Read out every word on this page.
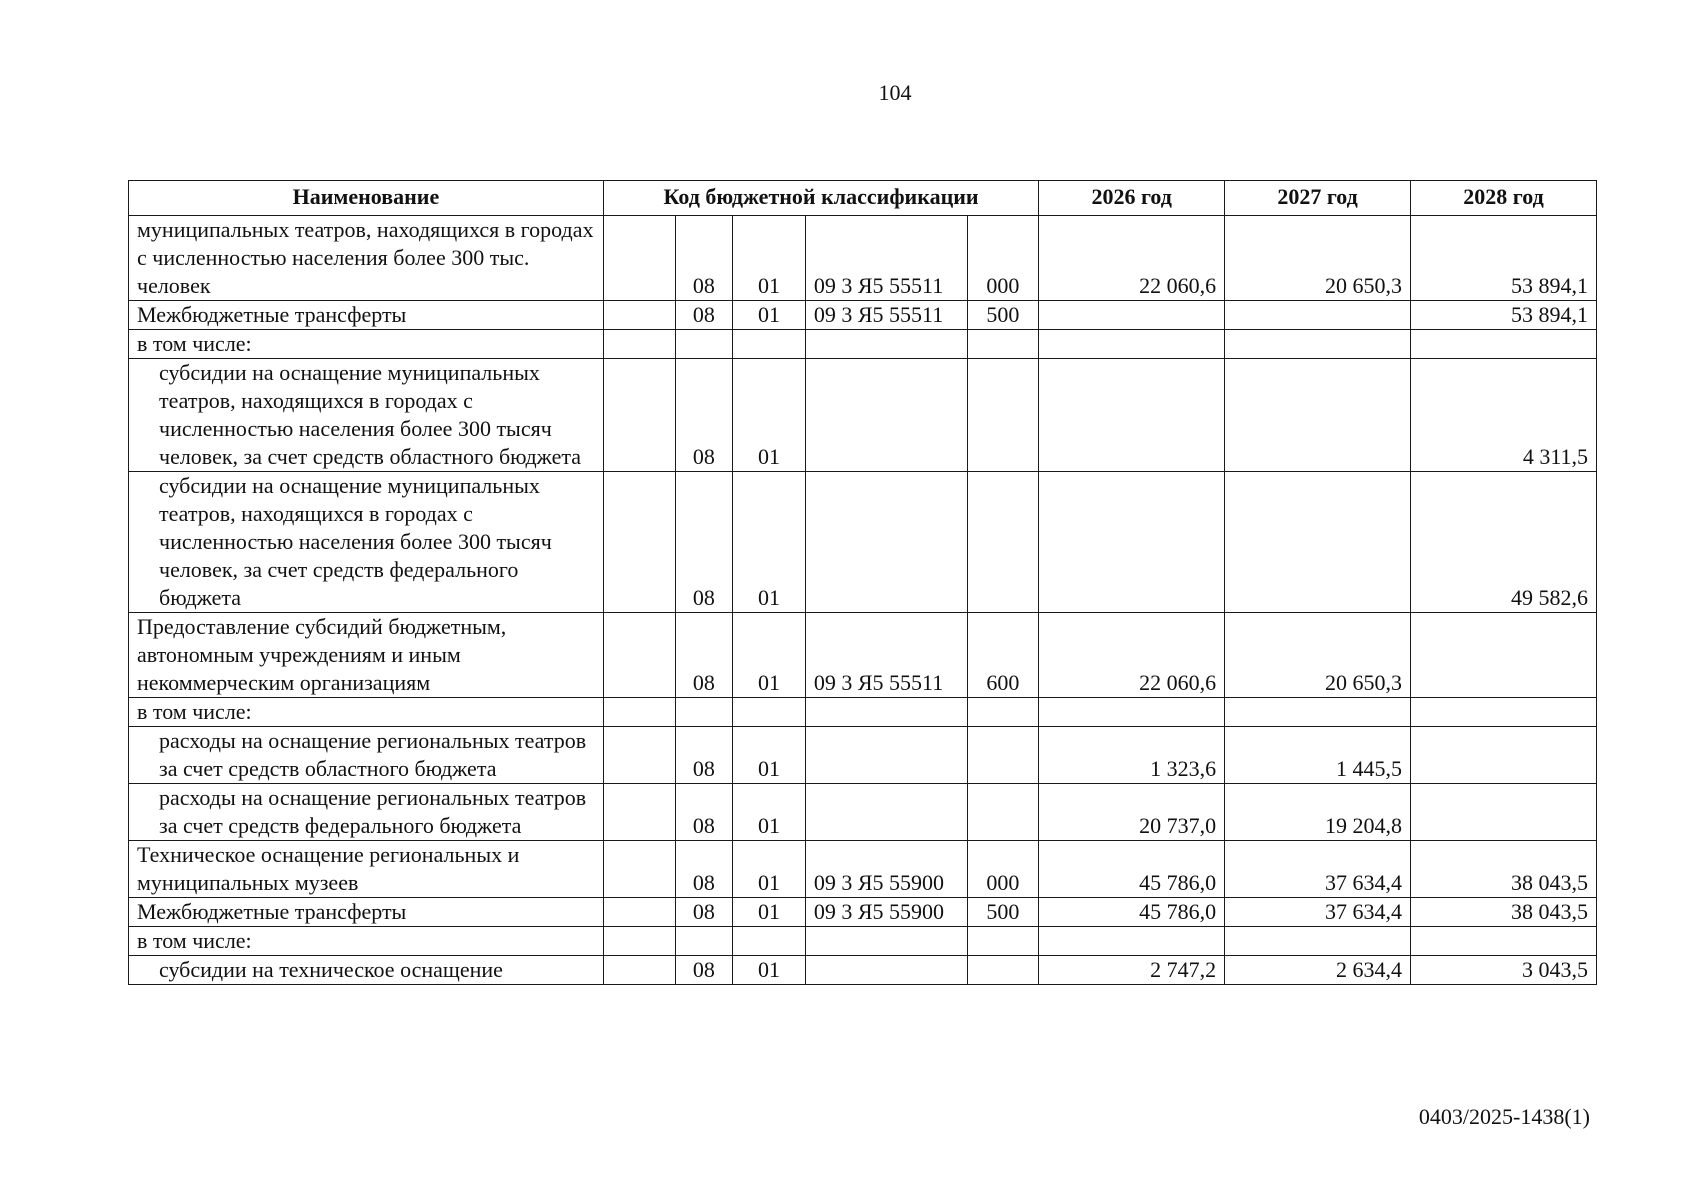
104
Наименование	Код бюджетной классификации					2026 год	2027 год	2028 год
муниципальных театров, находящихся в городах с численностью населения более 300 тыс. человек		08	01	09 3 Я5 55511	000	22 060,6	20 650,3	53 894,1
Межбюджетные трансферты		08	01	09 3 Я5 55511	500			53 894,1
в том числе:								
субсидии на оснащение муниципальных театров, находящихся в городах с численностью населения более 300 тысяч человек, за счет средств областного бюджета		08	01					4 311,5
субсидии на оснащение муниципальных театров, находящихся в городах с численностью населения более 300 тысяч человек, за счет средств федерального бюджета		08	01					49 582,6
Предоставление субсидий бюджетным, автономным учреждениям и иным некоммерческим организациям		08	01	09 3 Я5 55511	600	22 060,6	20 650,3	
в том числе:								
расходы на оснащение региональных театров за счет средств областного бюджета		08	01			1 323,6	1 445,5	
расходы на оснащение региональных театров за счет средств федерального бюджета		08	01			20 737,0	19 204,8	
Техническое оснащение региональных и муниципальных музеев		08	01	09 3 Я5 55900	000	45 786,0	37 634,4	38 043,5
Межбюджетные трансферты		08	01	09 3 Я5 55900	500	45 786,0	37 634,4	38 043,5
в том числе:								
субсидии на техническое оснащение		08	01			2 747,2	2 634,4	3 043,5
0403/2025-1438(1)
